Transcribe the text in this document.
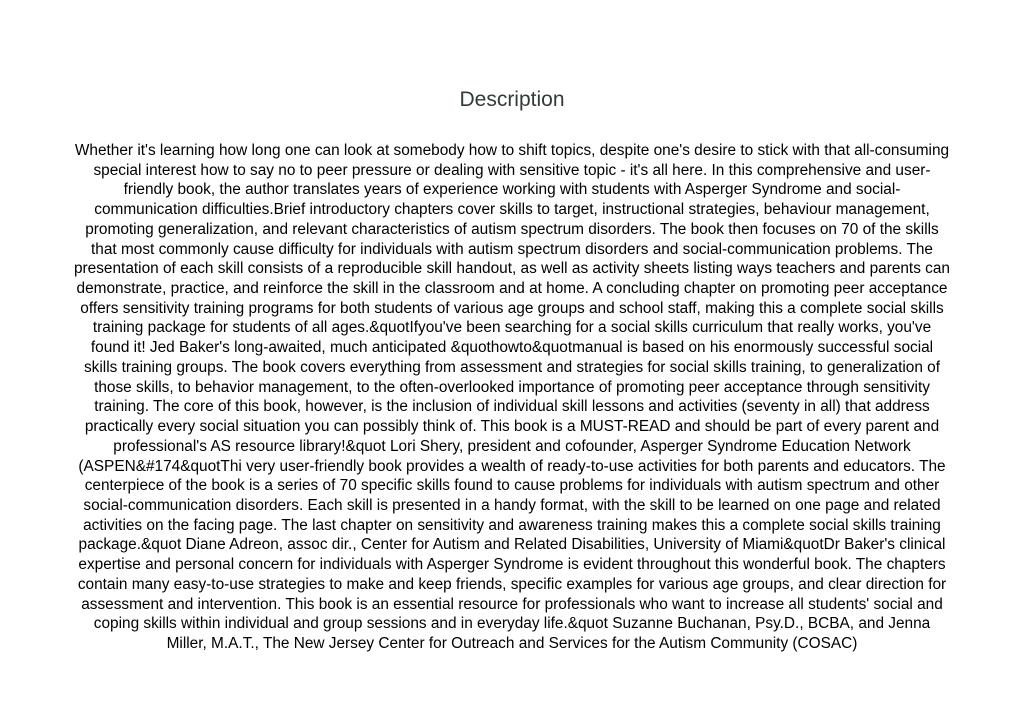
Description
Whether it's learning how long one can look at somebody how to shift topics, despite one's desire to stick with that all-consuming
special interest how to say no to peer pressure or dealing with sensitive topic - it's all here. In this comprehensive and user-
friendly book, the author translates years of experience working with students with Asperger Syndrome and social-
communication difficulties.Brief introductory chapters cover skills to target, instructional strategies, behaviour management,
promoting generalization, and relevant characteristics of autism spectrum disorders. The book then focuses on 70 of the skills
that most commonly cause difficulty for individuals with autism spectrum disorders and social-communication problems. The
presentation of each skill consists of a reproducible skill handout, as well as activity sheets listing ways teachers and parents can
demonstrate, practice, and reinforce the skill in the classroom and at home. A concluding chapter on promoting peer acceptance
offers sensitivity training programs for both students of various age groups and school staff, making this a complete social skills
training package for students of all ages.&quotIfyou've been searching for a social skills curriculum that really works, you've
found it! Jed Baker's long-awaited, much anticipated &quothowto&quotmanual is based on his enormously successful social
skills training groups. The book covers everything from assessment and strategies for social skills training, to generalization of
those skills, to behavior management, to the often-overlooked importance of promoting peer acceptance through sensitivity
training. The core of this book, however, is the inclusion of individual skill lessons and activities (seventy in all) that address
practically every social situation you can possibly think of. This book is a MUST-READ and should be part of every parent and
professional's AS resource library!&quot Lori Shery, president and cofounder, Asperger Syndrome Education Network
(ASPEN&#174&quotThi very user-friendly book provides a wealth of ready-to-use activities for both parents and educators. The
centerpiece of the book is a series of 70 specific skills found to cause problems for individuals with autism spectrum and other
social-communication disorders. Each skill is presented in a handy format, with the skill to be learned on one page and related
activities on the facing page. The last chapter on sensitivity and awareness training makes this a complete social skills training
package.&quot Diane Adreon, assoc dir., Center for Autism and Related Disabilities, University of Miami&quotDr Baker's clinical
expertise and personal concern for individuals with Asperger Syndrome is evident throughout this wonderful book. The chapters
contain many easy-to-use strategies to make and keep friends, specific examples for various age groups, and clear direction for
assessment and intervention. This book is an essential resource for professionals who want to increase all students' social and
coping skills within individual and group sessions and in everyday life.&quot Suzanne Buchanan, Psy.D., BCBA, and Jenna
Miller, M.A.T., The New Jersey Center for Outreach and Services for the Autism Community (COSAC)
